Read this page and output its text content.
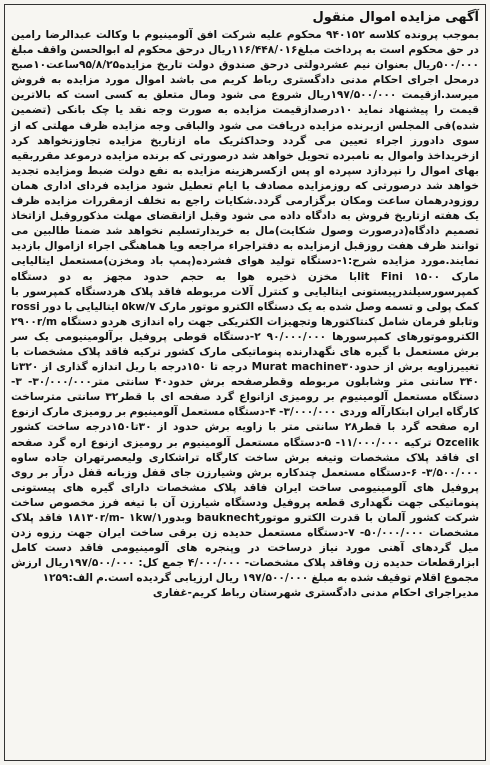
آگهی مزایده اموال منقول

بموجب پرونده کلاسه ۹۴۰۱۵۲ محکوم علیه شرکت افق آلومینیوم با وکالت عبدالرضا رامین در حق محکوم است به پرداخت مبلغ۱۱۶/۴۴۸/۰۱۶ریال درحق محکوم له ابوالحسن واقف مبلغ ۵۰۰/۰۰۰ریال بعنوان نیم عشردولتی درحق صندوق دولت تاریخ مزایده۹۵/۸/۲۵ساعت۱۰صبح درمحل اجرای احکام مدنی دادگستری رباط کریم می باشد اموال مورد مزایده به فروش میرسد.ازقیمت ۱۹۷/۵۰۰/۰۰۰ریال شروع می شود ومال متعلق به کسی است که بالاترین قیمت را پیشنهاد نماید ۱۰درصدازقیمت مزایده به صورت وجه نقد یا چک بانکی (تضمین شده)فی المجلس ازبرنده مزایده دریافت می شود والباقی وجه مزایده ظرف مهلتی که از سوی دادورز اجراء تعیین می گردد وحداکثریک ماه ازتاریخ مزایده تجاوزنخواهد کرد ازخریداخذ واموال به نامبرده تحویل خواهد شد درصورتی که برنده مزایده درموعد مقرربقیه بهای اموال را نپردازد سپرده او پس ازکسرهزینه مزایده به نفع دولت ضبط ومزایده تجدید خواهد شد درصورتی که روزمزایده مصادف با ایام تعطیل شود مزایده فردای اداری همان روزودرهمان ساعت ومکان برگزارمی گردد.شکایات راجع به تخلف ازمقررات مزایده ظرف یک هفته ازتاریخ فروش به دادگاه داده می شود وقبل ازانقضای مهلت مذکوروقبل ازاتخاذ تصمیم دادگاه(درصورت وصول شکایت)مال به خریدارتسلیم نخواهد شد ضمنا طالبین می توانند ظرف هفت روزقبل ازمزایده به دفتراجراء مراجعه ویا هماهنگی اجراء ازاموال بازدید نمایند.مورد مزایده شرح:۱-دستگاه تولید هوای فشرده(پمپ باد ومخزن)مستعمل ایتالیایی مارک lit Fini ۱۵۰۰با مخزن ذخیره هوا به حجم حدود مجهز به دو دستگاه کمپرسورسیلندرپیستونی ایتالیایی و کنترل آلات مربوطه فاقد پلاک هردستگاه کمپرسور با کمک پولی و تسمه وصل شده به یک دستگاه الکترو موتور مارک ۵kw/۷ ایتالیایی با دور rossi وتابلو فرمان شامل کنتاکتورها وتجهیزات الکتریکی جهت راه اندازی هردو دستگاه ۲۹۰۰r/m الکتروموتورهای کمپرسورها ۹۰/۰۰۰/۰۰۰ ۲-دستگاه قوطی پروفیل برآلومینیومی یک سر برش مستعمل با گیره های نگهدارنده پنوماتیکی مارک کشور ترکیه فاقد پلاک مشخصات با تغییرزاویه برش از حدودMurat machine۳۰ درجه تا ۱۵۰درجه با ریل اندازه گذاری از ۳۲۰تا ۳۴۰ سانتی متر وشابلون مربوطه وقطرصفحه برش حدود۴۰ سانتی متر۳۰/۰۰۰/۰۰۰- ۳-دستگاه مستعمل آلومینیوم بر رومیزی ازانواع گرد صفحه ای با قطر۳۲ سانتی مترساخت کارگاه ایران ابتکارآله وردی ۳/۰۰۰/۰۰۰- ۴-دستگاه مستعمل آلومینیوم بر رومیزی مارک ازنوع اره صفحه گرد با قطر۲۸ سانتی متر با زاویه برش حدود از ۳۰تا۱۵۰درجه ساخت کشور Ozcelik ترکیه ۱۱/۰۰۰/۰۰۰- ۵-دستگاه مستعمل آلومینیوم بر رومیزی ازنوع اره گرد صفحه ای فاقد پلاک مشخصات وتیغه برش ساخت کارگاه تراشکاری ولیعصرتهران جاده ساوه ۳/۵۰۰/۰۰۰- ۶-دستگاه مستعمل چندکاره برش وشیارزن جای قفل وزبانه قفل درآر بر روی پروفیل های آلومینیومی ساخت ایران فاقد پلاک مشخصات دارای گیره های پیستونی پنوماتیکی جهت نگهداری قطعه پروفیل ودستگاه شیارزن آن با تیغه فرز مخصوص ساخت شرکت کشور آلمان با قدرت الکترو موتورbauknecht وبدور۱۸۱۳۰r/m- ۱kw/۱ فاقد پلاک مشخصات ۵۰/۰۰۰/۰۰۰- ۷-دستگاه مستعمل حدیده زن برقی ساخت ایران جهت رزوه زدن میل گردهای آهنی مورد نیاز درساخت در وپنجره های آلومینیومی فاقد دست کامل ابزارقطعات حدیده زن وفاقد پلاک مشخصات- ۴/۰۰۰/۰۰۰ جمع کل: ۱۹۷/۵۰۰/۰۰۰ریال ارزش مجموع اقلام توقیف شده به مبلغ ۱۹۷/۵۰۰/۰۰۰ ریال ارزیابی گردیده است.م الف:۱۲۵۹

مدیراجرای احکام مدنی دادگستری شهرستان رباط کریم-غفاری
